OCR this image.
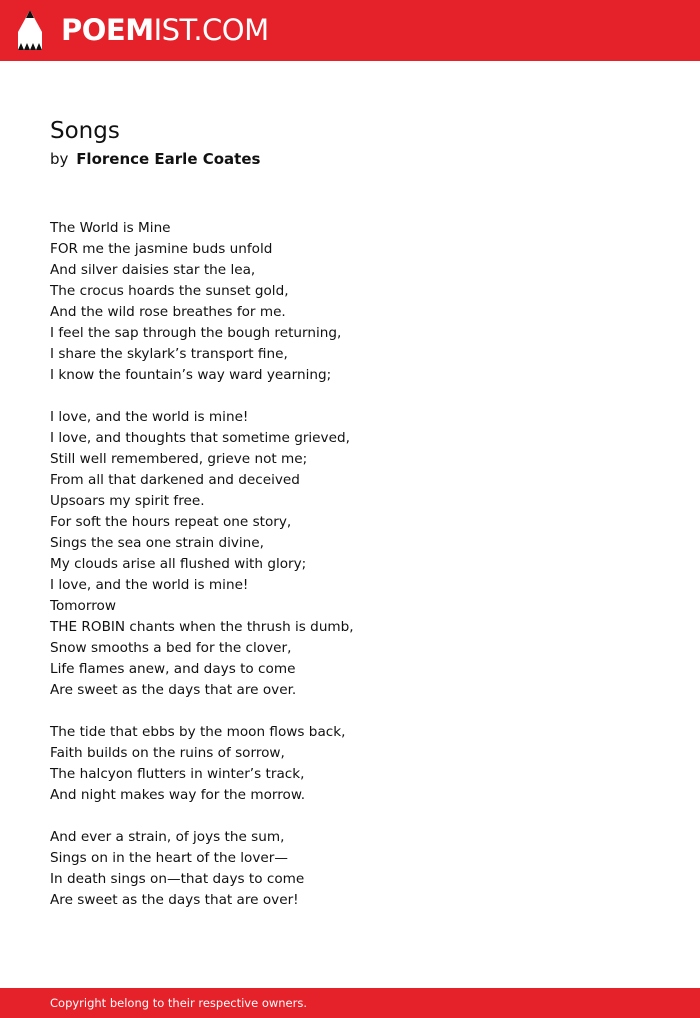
POEMIST.COM
Songs
by Florence Earle Coates
The World is Mine
FOR me the jasmine buds unfold
And silver daisies star the lea,
The crocus hoards the sunset gold,
And the wild rose breathes for me.
I feel the sap through the bough returning,
I share the skylark’s transport fine,
I know the fountain’s way ward yearning;
I love, and the world is mine!
I love, and thoughts that sometime grieved,
Still well remembered, grieve not me;
From all that darkened and deceived
Upsoars my spirit free.
For soft the hours repeat one story,
Sings the sea one strain divine,
My clouds arise all flushed with glory;
I love, and the world is mine!
Tomorrow
THE ROBIN chants when the thrush is dumb,
Snow smooths a bed for the clover,
Life flames anew, and days to come
Are sweet as the days that are over.
The tide that ebbs by the moon flows back,
Faith builds on the ruins of sorrow,
The halcyon flutters in winter’s track,
And night makes way for the morrow.
And ever a strain, of joys the sum,
Sings on in the heart of the lover—
In death sings on—that days to come
Are sweet as the days that are over!
Copyright belong to their respective owners.
